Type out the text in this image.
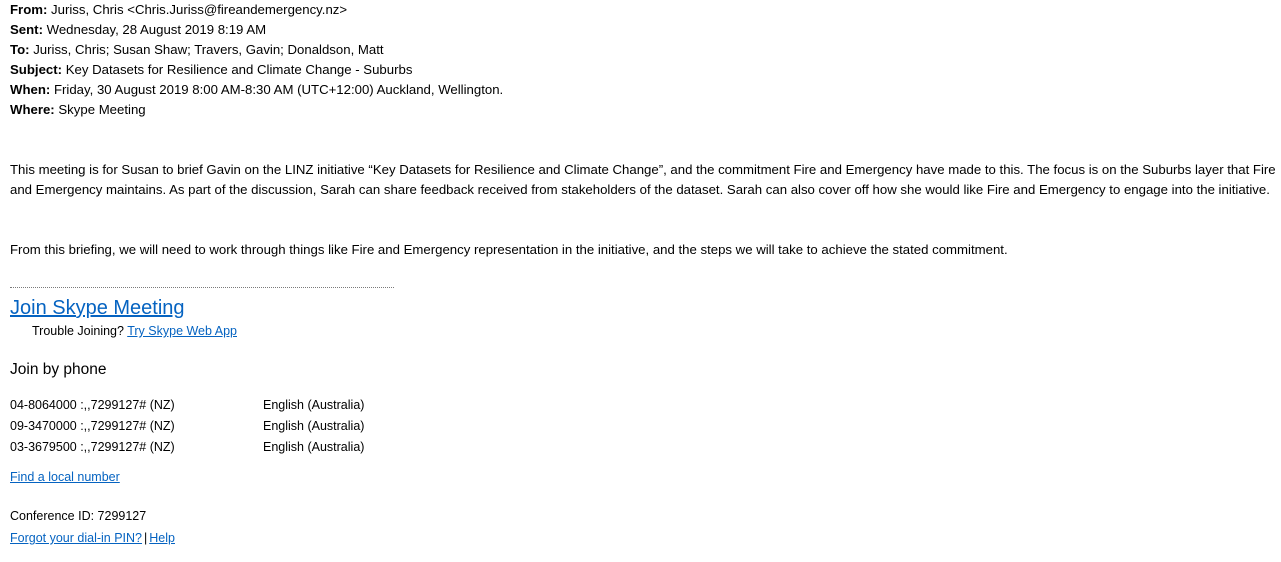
From: Juriss, Chris <Chris.Juriss@fireandemergency.nz>
Sent: Wednesday, 28 August 2019 8:19 AM
To: Juriss, Chris; Susan Shaw; Travers, Gavin; Donaldson, Matt
Subject: Key Datasets for Resilience and Climate Change - Suburbs
When: Friday, 30 August 2019 8:00 AM-8:30 AM (UTC+12:00) Auckland, Wellington.
Where: Skype Meeting
This meeting is for Susan to brief Gavin on the LINZ initiative “Key Datasets for Resilience and Climate Change”, and the commitment Fire and Emergency have made to this. The focus is on the Suburbs layer that Fire and Emergency maintains. As part of the discussion, Sarah can share feedback received from stakeholders of the dataset. Sarah can also cover off how she would like Fire and Emergency to engage into the initiative.
From this briefing, we will need to work through things like Fire and Emergency representation in the initiative, and the steps we will take to achieve the stated commitment.
Join Skype Meeting
Trouble Joining? Try Skype Web App
Join by phone
04-8064000 :,,7299127# (NZ)	English (Australia)
09-3470000 :,,7299127# (NZ)	English (Australia)
03-3679500 :,,7299127# (NZ)	English (Australia)
Find a local number
Conference ID: 7299127
Forgot your dial-in PIN? | Help
